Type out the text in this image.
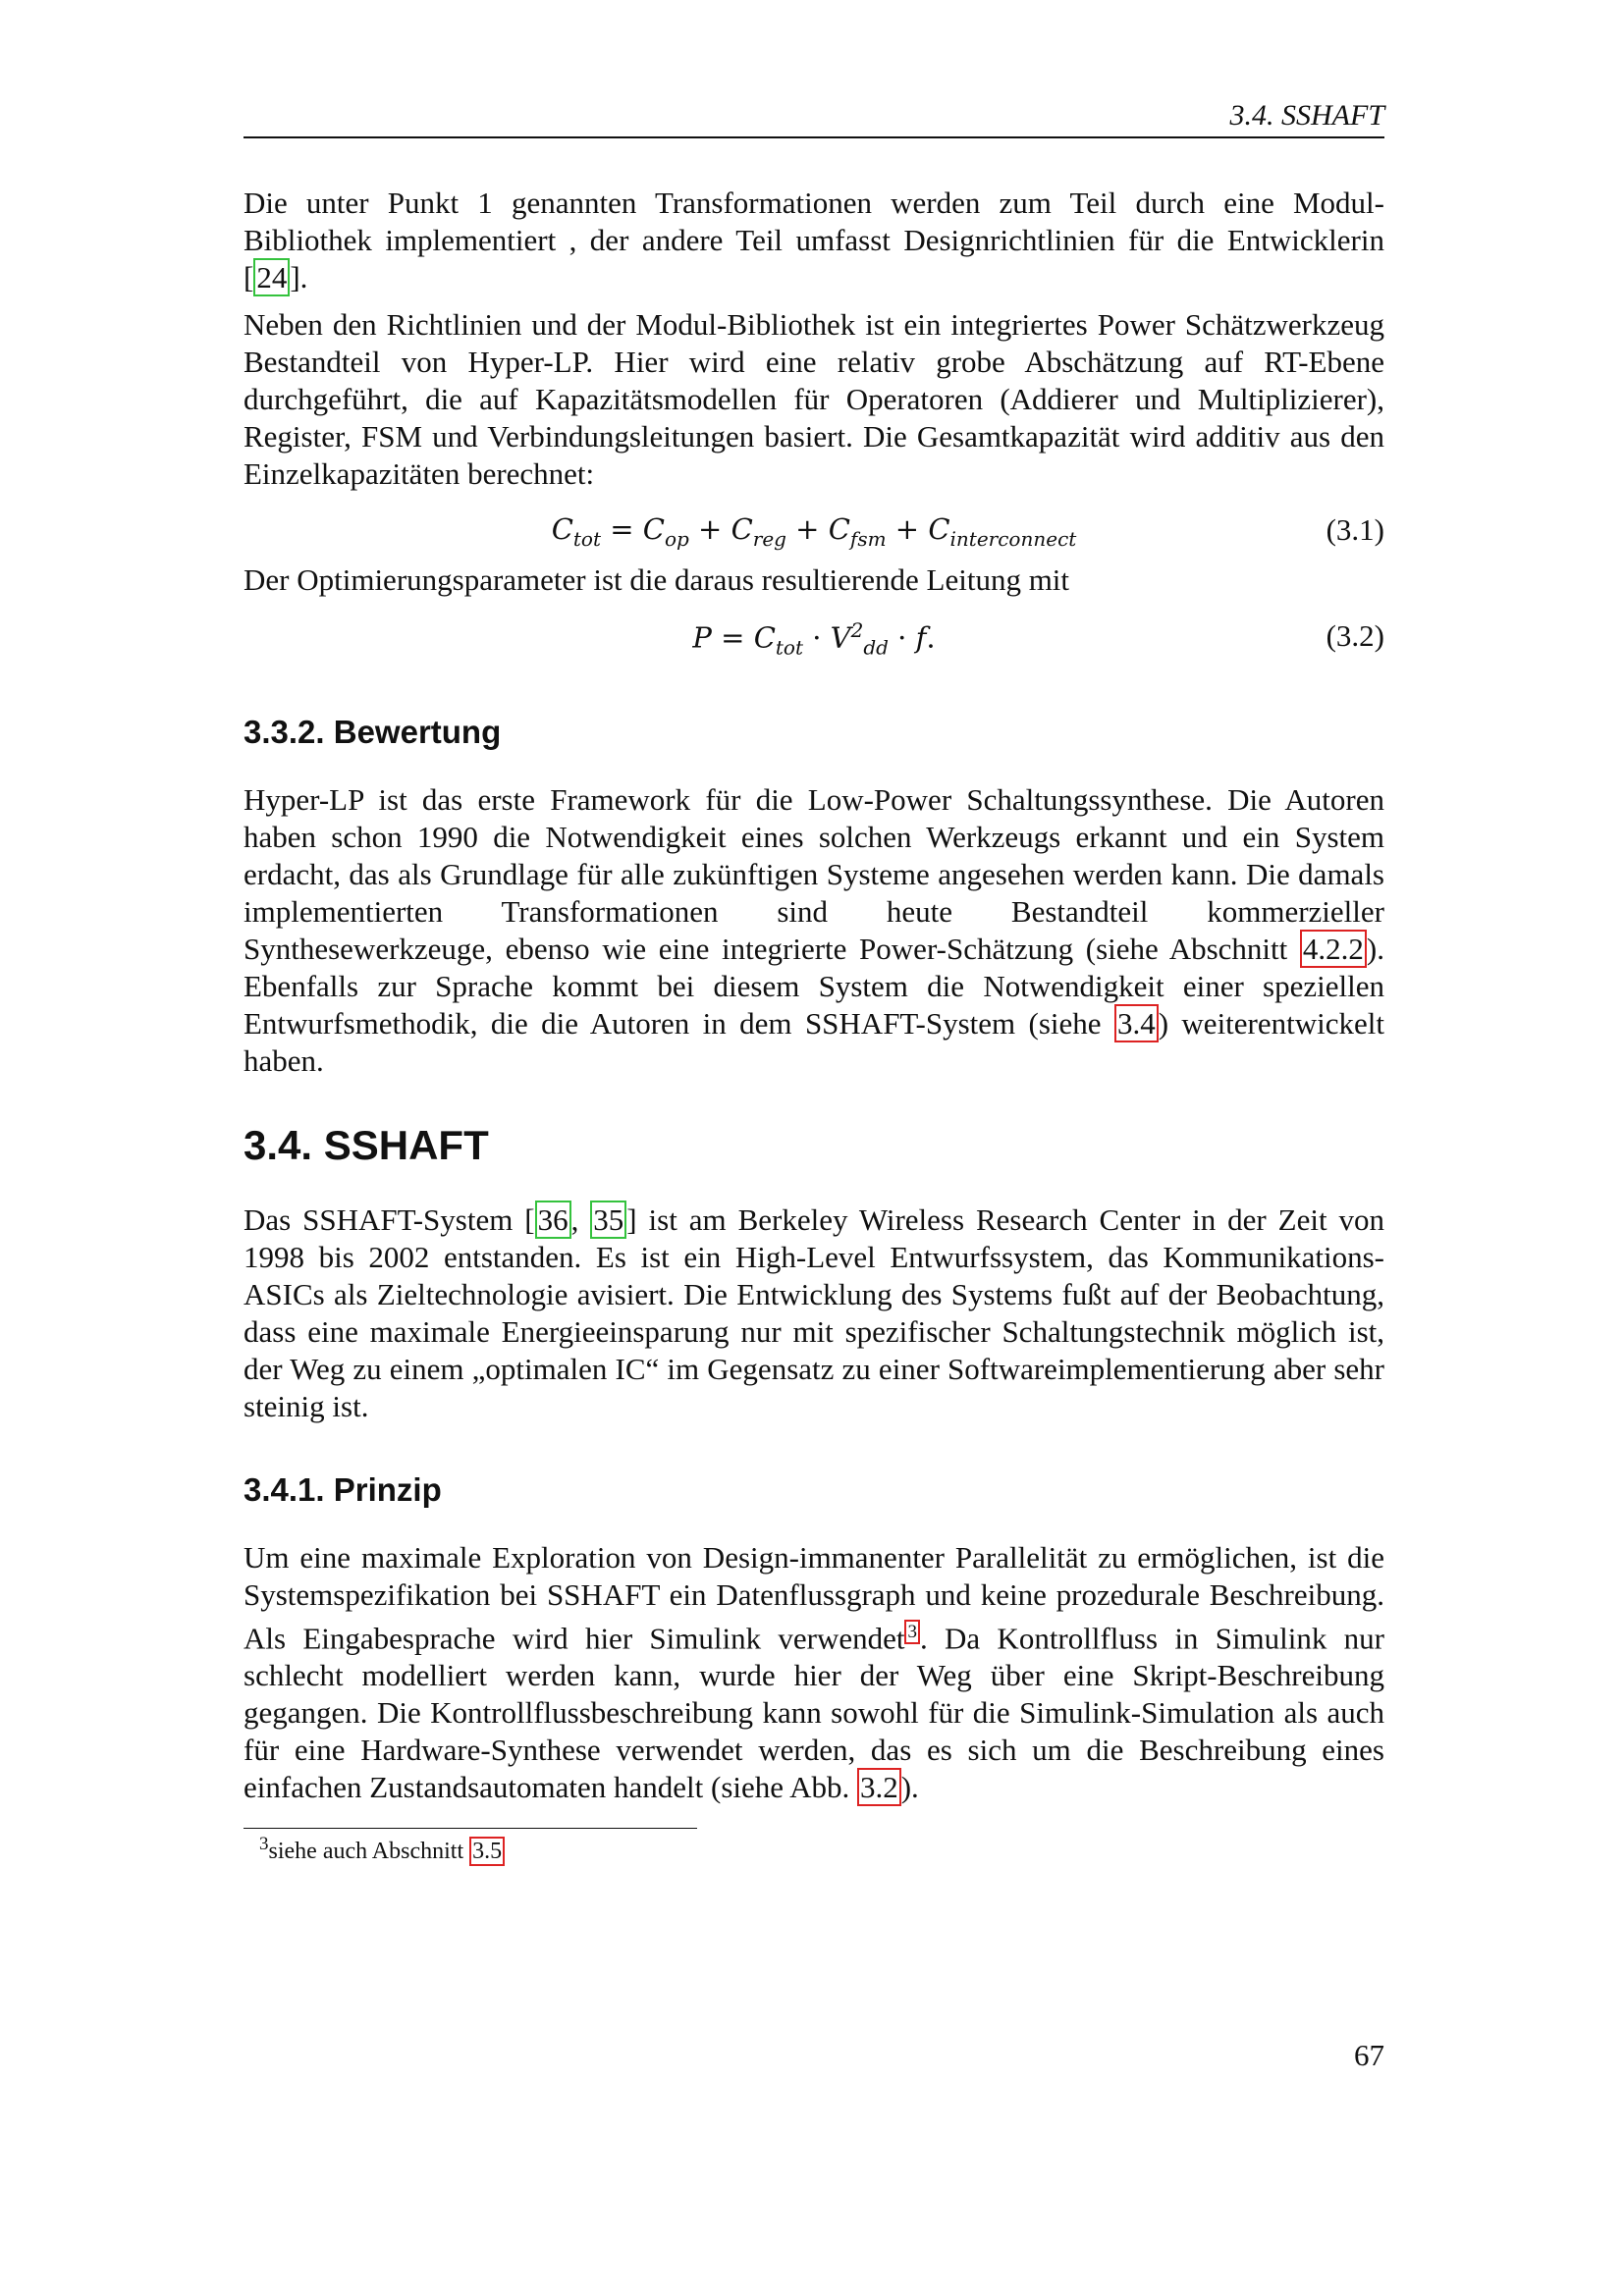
3.4. SSHAFT

Die unter Punkt 1 genannten Transformationen werden zum Teil durch eine Modul-Bibliothek implementiert , der andere Teil umfasst Designrichtlinien für die Entwicklerin [24].

Neben den Richtlinien und der Modul-Bibliothek ist ein integriertes Power Schätzwerkzeug Bestandteil von Hyper-LP. Hier wird eine relativ grobe Abschätzung auf RT-Ebene durchgeführt, die auf Kapazitätsmodellen für Operatoren (Addierer und Multiplizierer), Register, FSM und Verbindungsleitungen basiert. Die Gesamtkapazität wird additiv aus den Einzelkapazitäten berechnet:

$C_{tot} = C_{op} + C_{reg} + C_{fsm} + C_{interconnect}$	(3.1)

Der Optimierungsparameter ist die daraus resultierende Leitung mit

$P = C_{tot} \cdot V^2_{dd} \cdot f$.	(3.2)
3.3.2. Bewertung

Hyper-LP ist das erste Framework für die Low-Power Schaltungssynthese. Die Autoren haben schon 1990 die Notwendigkeit eines solchen Werkzeugs erkannt und ein System erdacht, das als Grundlage für alle zukünftigen Systeme angesehen werden kann. Die damals implementierten Transformationen sind heute Bestandteil kommerzieller Synthesewerkzeuge, ebenso wie eine integrierte Power-Schätzung (siehe Abschnitt 4.2.2). Ebenfalls zur Sprache kommt bei diesem System die Notwendigkeit einer speziellen Entwurfsmethodik, die die Autoren in dem SSHAFT-System (siehe 3.4) weiterentwickelt haben.

3.4. SSHAFT

Das SSHAFT-System [36, 35] ist am Berkeley Wireless Research Center in der Zeit von 1998 bis 2002 entstanden. Es ist ein High-Level Entwurfssystem, das Kommunikations-ASICs als Zieltechnologie avisiert. Die Entwicklung des Systems fußt auf der Beobachtung, dass eine maximale Energieeinsparung nur mit spezifischer Schaltungstechnik möglich ist, der Weg zu einem „optimalen IC“ im Gegensatz zu einer Softwareimplementierung aber sehr steinig ist.

3.4.1. Prinzip

Um eine maximale Exploration von Design-immanenter Parallelität zu ermöglichen, ist die Systemspezifikation bei SSHAFT ein Datenflussgraph und keine prozedurale Beschreibung. Als Eingabesprache wird hier Simulink verwendet $^3$. Da Kontrollfluss in Simulink nur schlecht modelliert werden kann, wurde hier der Weg über eine Skript-Beschreibung gegangen. Die Kontrollflussbeschreibung kann sowohl für die Simulink-Simulation als auch für eine Hardware-Synthese verwendet werden, das es sich um die Beschreibung eines einfachen Zustandsautomaten handelt (siehe Abb. 3.2).

$^3$siehe auch Abschnitt 3.5
67
